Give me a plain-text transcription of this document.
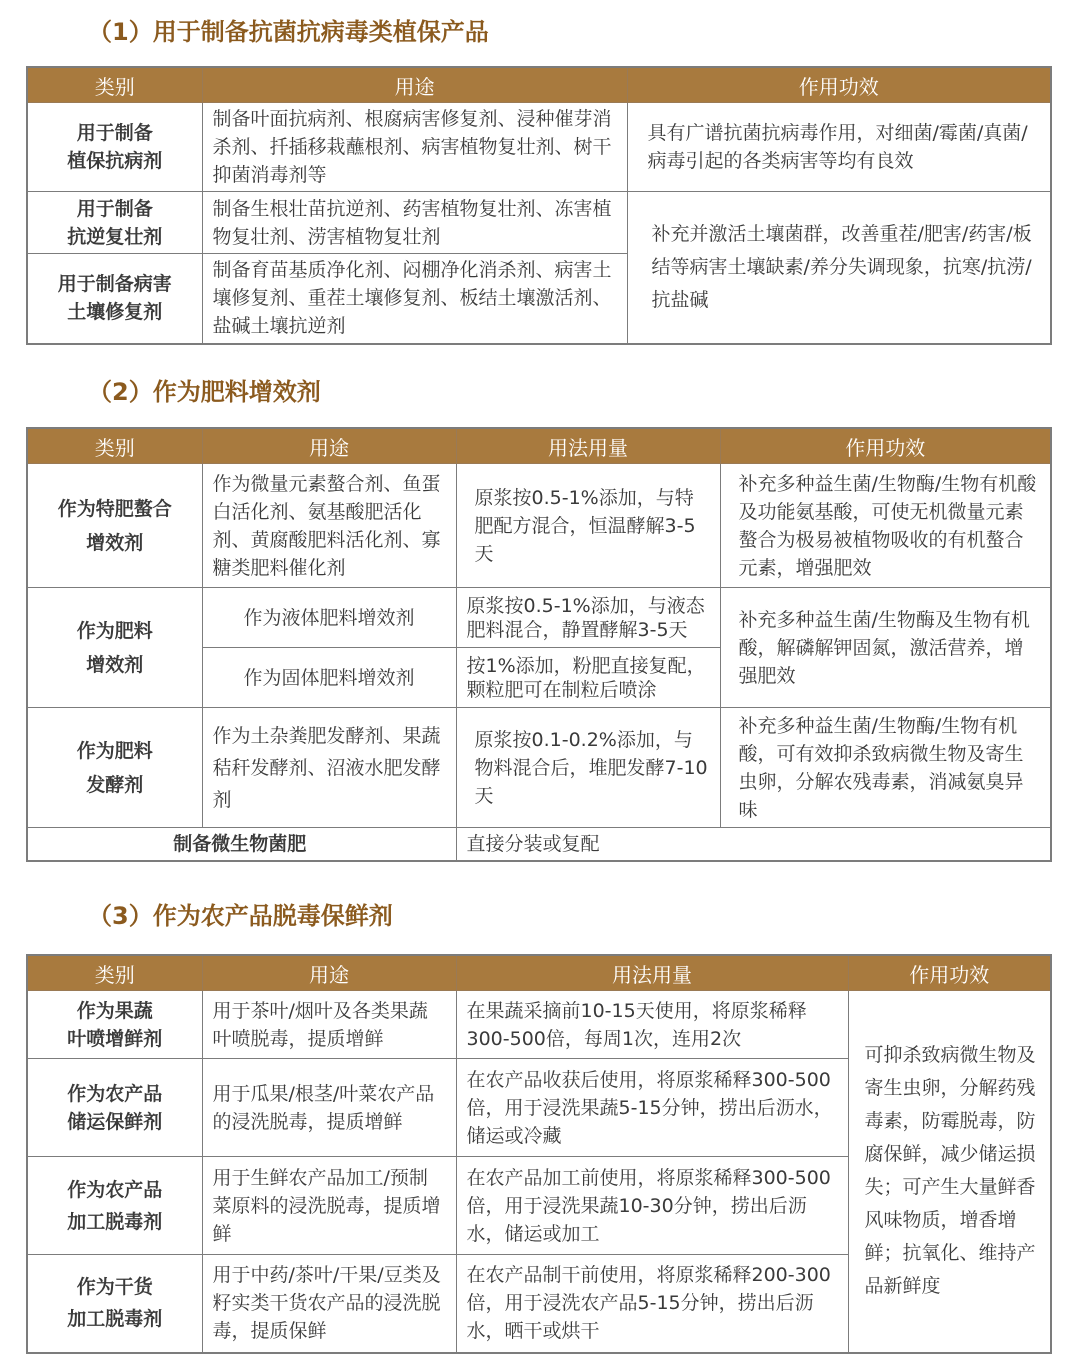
（1）用于制备抗菌抗病毒类植保产品
类别	用途	作用功效
用于制备
植保抗病剂	制备叶面抗病剂、根腐病害修复剂、浸种催芽消杀剂、扦插移栽蘸根剂、病害植物复壮剂、树干抑菌消毒剂等	具有广谱抗菌抗病毒作用，对细菌/霉菌/真菌/病毒引起的各类病害等均有良效
用于制备
抗逆复壮剂	制备生根壮苗抗逆剂、药害植物复壮剂、冻害植物复壮剂、涝害植物复壮剂	补充并激活土壤菌群，改善重茬/肥害/药害/板结等病害土壤缺素/养分失调现象，抗寒/抗涝/抗盐碱
用于制备病害
土壤修复剂	制备育苗基质净化剂、闷棚净化消杀剂、病害土壤修复剂、重茬土壤修复剂、板结土壤激活剂、盐碱土壤抗逆剂	
（2）作为肥料增效剂
类别	用途	用法用量	作用功效
作为特肥螯合
增效剂	作为微量元素螯合剂、鱼蛋白活化剂、氨基酸肥活化剂、黄腐酸肥料活化剂、寡糖类肥料催化剂	原浆按0.5-1%添加，与特肥配方混合，恒温酵解3-5天	补充多种益生菌/生物酶/生物有机酸及功能氨基酸，可使无机微量元素螯合为极易被植物吸收的有机螯合元素，增强肥效
作为肥料
增效剂	作为液体肥料增效剂	原浆按0.5-1%添加，与液态肥料混合，静置酵解3-5天	补充多种益生菌/生物酶及生物有机酸，解磷解钾固氮，激活营养，增强肥效
	作为固体肥料增效剂	按1%添加，粉肥直接复配，颗粒肥可在制粒后喷涂	
作为肥料
发酵剂	作为土杂粪肥发酵剂、果蔬秸秆发酵剂、沼液水肥发酵剂	原浆按0.1-0.2%添加，与物料混合后，堆肥发酵7-10天	补充多种益生菌/生物酶/生物有机酸，可有效抑杀致病微生物及寄生虫卵，分解农残毒素，消减氨臭异味
制备微生物菌肥		直接分装或复配	
（3）作为农产品脱毒保鲜剂
类别	用途	用法用量	作用功效
作为果蔬
叶喷增鲜剂	用于茶叶/烟叶及各类果蔬叶喷脱毒，提质增鲜	在果蔬采摘前10-15天使用，将原浆稀释300-500倍，每周1次，连用2次	可抑杀致病微生物及寄生虫卵，分解药残毒素，防霉脱毒，防腐保鲜，减少储运损失；可产生大量鲜香风味物质，增香增鲜；抗氧化、维持产品新鲜度
作为农产品
储运保鲜剂	用于瓜果/根茎/叶菜农产品的浸洗脱毒，提质增鲜	在农产品收获后使用，将原浆稀释300-500倍，用于浸洗果蔬5-15分钟，捞出后沥水，储运或冷藏	
作为农产品
加工脱毒剂	用于生鲜农产品加工/预制菜原料的浸洗脱毒，提质增鲜	在农产品加工前使用，将原浆稀释300-500倍，用于浸洗果蔬10-30分钟，捞出后沥水，储运或加工	
作为干货
加工脱毒剂	用于中药/茶叶/干果/豆类及籽实类干货农产品的浸洗脱毒，提质保鲜	在农产品制干前使用，将原浆稀释200-300倍，用于浸洗农产品5-15分钟，捞出后沥水，晒干或烘干	
